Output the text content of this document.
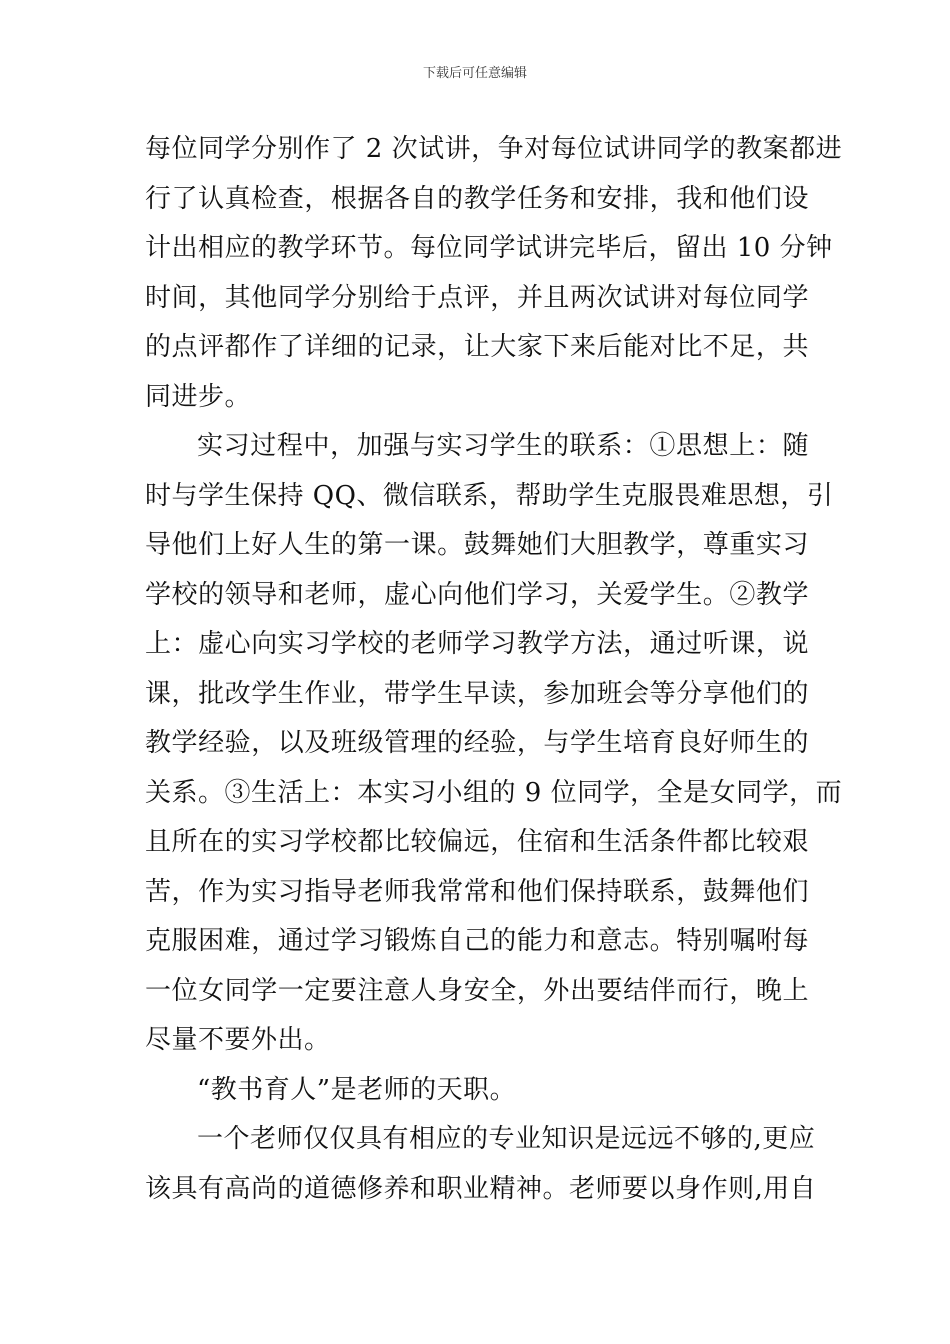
下载后可任意编辑
每位同学分别作了 2 次试讲，争对每位试讲同学的教案都进
行了认真检查，根据各自的教学任务和安排，我和他们设
计出相应的教学环节。每位同学试讲完毕后，留出 10 分钟
时间，其他同学分别给于点评，并且两次试讲对每位同学
的点评都作了详细的记录，让大家下来后能对比不足，共
同进步。
实习过程中，加强与实习学生的联系：①思想上：随
时与学生保持 QQ、微信联系，帮助学生克服畏难思想，引
导他们上好人生的第一课。鼓舞她们大胆教学，尊重实习
学校的领导和老师，虚心向他们学习，关爱学生。②教学
上：虚心向实习学校的老师学习教学方法，通过听课，说
课，批改学生作业，带学生早读，参加班会等分享他们的
教学经验，以及班级管理的经验，与学生培育良好师生的
关系。③生活上：本实习小组的 9 位同学，全是女同学，而
且所在的实习学校都比较偏远，住宿和生活条件都比较艰
苦，作为实习指导老师我常常和他们保持联系，鼓舞他们
克服困难，通过学习锻炼自己的能力和意志。特别嘱咐每
一位女同学一定要注意人身安全，外出要结伴而行，晚上
尽量不要外出。
“教书育人”是老师的天职。
一个老师仅仅具有相应的专业知识是远远不够的,更应
该具有高尚的道德修养和职业精神。老师要以身作则,用自
